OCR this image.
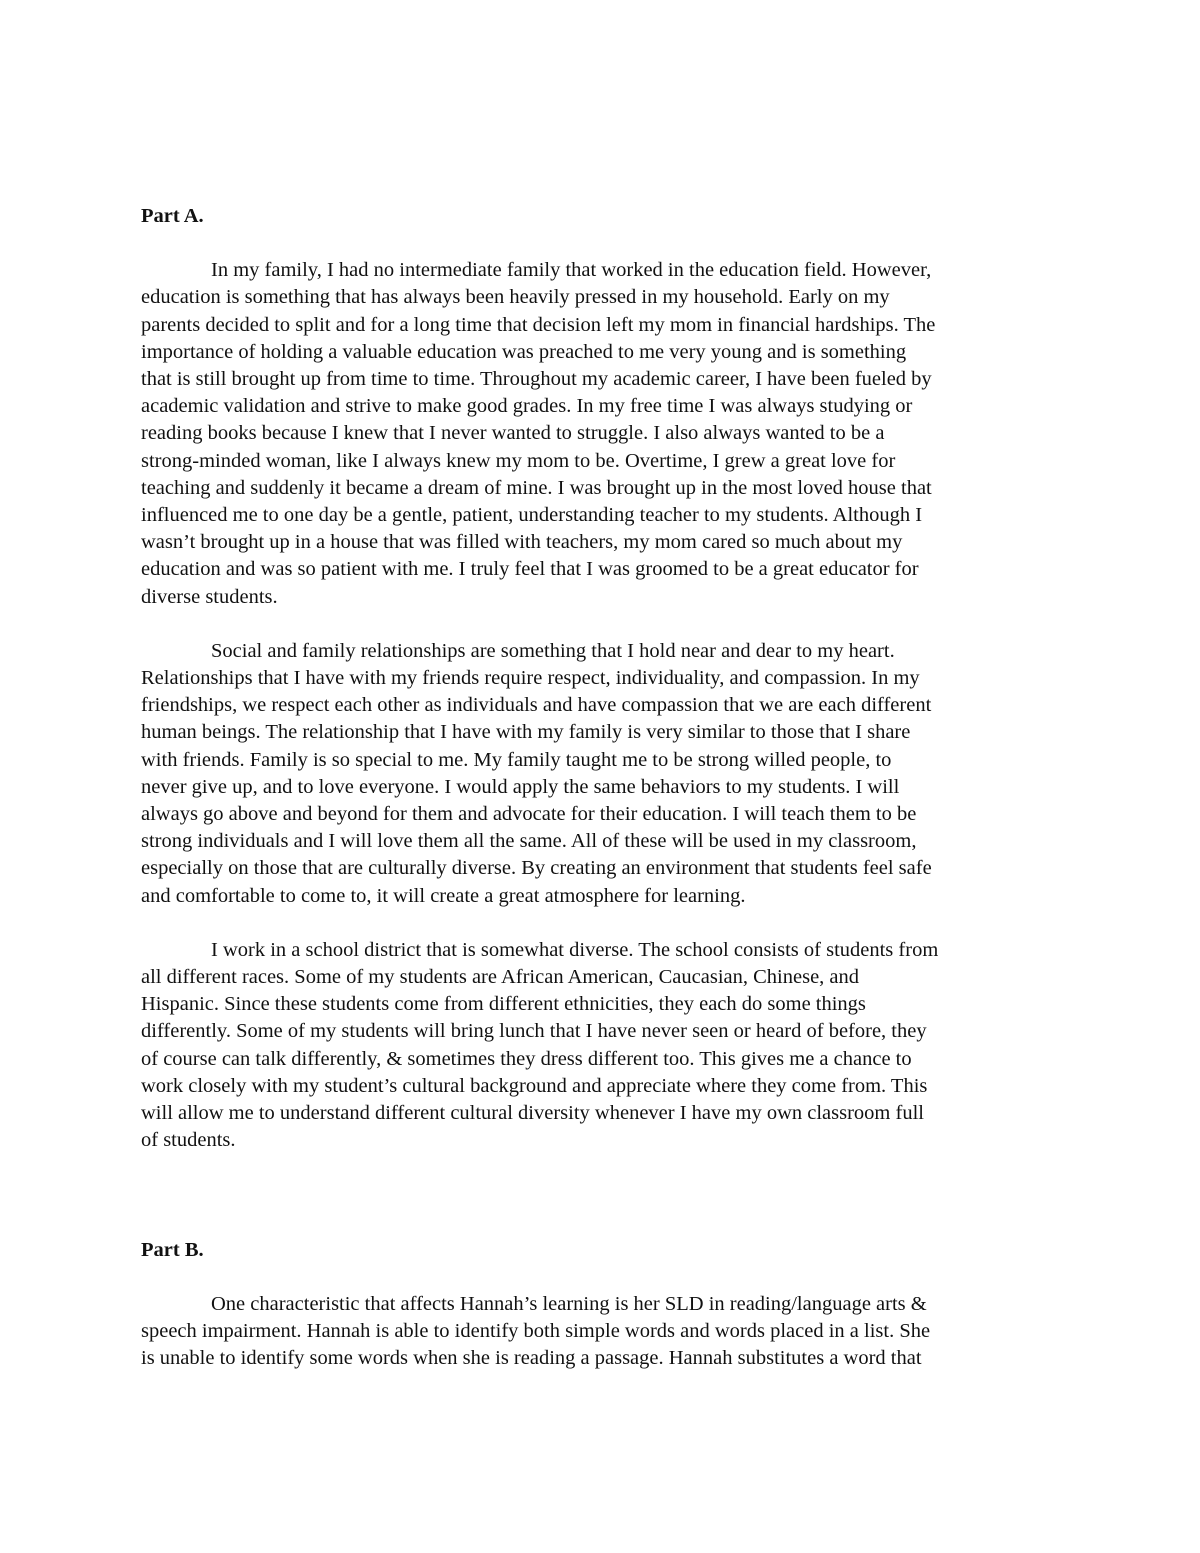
Part A.

In my family, I had no intermediate family that worked in the education field. However,
education is something that has always been heavily pressed in my household. Early on my
parents decided to split and for a long time that decision left my mom in financial hardships. The
importance of holding a valuable education was preached to me very young and is something
that is still brought up from time to time. Throughout my academic career, I have been fueled by
academic validation and strive to make good grades. In my free time I was always studying or
reading books because I knew that I never wanted to struggle. I also always wanted to be a
strong-minded woman, like I always knew my mom to be. Overtime, I grew a great love for
teaching and suddenly it became a dream of mine. I was brought up in the most loved house that
influenced me to one day be a gentle, patient, understanding teacher to my students. Although I
wasn’t brought up in a house that was filled with teachers, my mom cared so much about my
education and was so patient with me. I truly feel that I was groomed to be a great educator for
diverse students.

Social and family relationships are something that I hold near and dear to my heart.
Relationships that I have with my friends require respect, individuality, and compassion. In my
friendships, we respect each other as individuals and have compassion that we are each different
human beings. The relationship that I have with my family is very similar to those that I share
with friends. Family is so special to me. My family taught me to be strong willed people, to
never give up, and to love everyone. I would apply the same behaviors to my students. I will
always go above and beyond for them and advocate for their education. I will teach them to be
strong individuals and I will love them all the same. All of these will be used in my classroom,
especially on those that are culturally diverse. By creating an environment that students feel safe
and comfortable to come to, it will create a great atmosphere for learning.

I work in a school district that is somewhat diverse. The school consists of students from
all different races. Some of my students are African American, Caucasian, Chinese, and
Hispanic. Since these students come from different ethnicities, they each do some things
differently. Some of my students will bring lunch that I have never seen or heard of before, they
of course can talk differently, & sometimes they dress different too. This gives me a chance to
work closely with my student’s cultural background and appreciate where they come from. This
will allow me to understand different cultural diversity whenever I have my own classroom full
of students.

Part B.

One characteristic that affects Hannah’s learning is her SLD in reading/language arts &
speech impairment. Hannah is able to identify both simple words and words placed in a list. She
is unable to identify some words when she is reading a passage. Hannah substitutes a word that
